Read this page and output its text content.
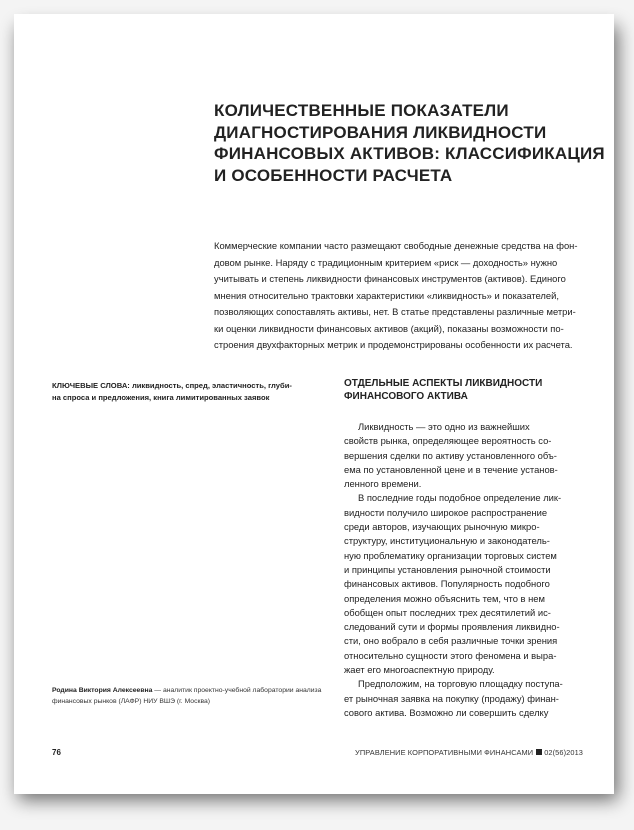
КОЛИЧЕСТВЕННЫЕ ПОКАЗАТЕЛИ
ДИАГНОСТИРОВАНИЯ ЛИКВИДНОСТИ
ФИНАНСОВЫХ АКТИВОВ: КЛАССИФИКАЦИЯ
И ОСОБЕННОСТИ РАСЧЕТА
Коммерческие компании часто размещают свободные денежные средства на фон-
довом рынке. Наряду с традиционным критерием «риск — доходность» нужно
учитывать и степень ликвидности финансовых инструментов (активов). Единого
мнения относительно трактовки характеристики «ликвидность» и показателей,
позволяющих сопоставлять активы, нет. В статье представлены различные метри-
ки оценки ликвидности финансовых активов (акций), показаны возможности по-
строения двухфакторных метрик и продемонстрированы особенности их расчета.
КЛЮЧЕВЫЕ СЛОВА: ликвидность, спред, эластичность, глуби-
на спроса и предложения, книга лимитированных заявок
ОТДЕЛЬНЫЕ АСПЕКТЫ ЛИКВИДНОСТИ
ФИНАНСОВОГО АКТИВА
Ликвидность — это одно из важнейших
свойств рынка, определяющее вероятность со-
вершения сделки по активу установленного объ-
ема по установленной цене и в течение установ-
ленного времени.
В последние годы подобное определение лик-
видности получило широкое распространение
среди авторов, изучающих рыночную микро-
структуру, институциональную и законодатель-
ную проблематику организации торговых систем
и принципы установления рыночной стоимости
финансовых активов. Популярность подобного
определения можно объяснить тем, что в нем
обобщен опыт последних трех десятилетий ис-
следований сути и формы проявления ликвидно-
сти, оно вобрало в себя различные точки зрения
относительно сущности этого феномена и выра-
жает его многоаспектную природу.
Предположим, на торговую площадку поступа-
ет рыночная заявка на покупку (продажу) финан-
сового актива. Возможно ли совершить сделку
Родина Виктория Алексеевна — аналитик проектно-учебной лаборатории анализа
финансовых рынков (ЛАФР) НИУ ВШЭ (г. Москва)
76	УПРАВЛЕНИЕ КОРПОРАТИВНЫМИ ФИНАНСАМИ 02(56)2013
